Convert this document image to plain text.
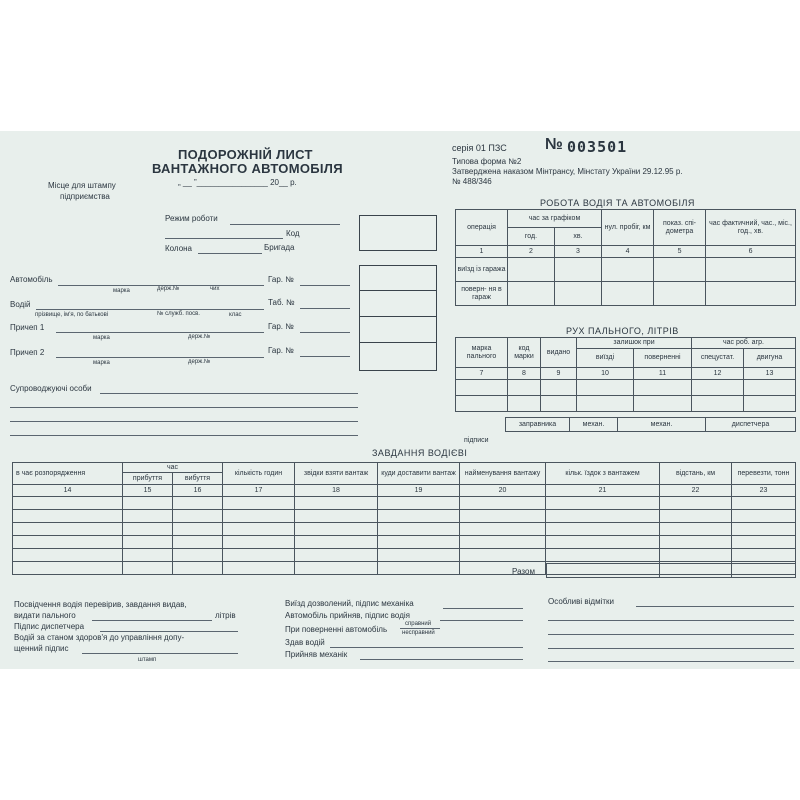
ПОДОРОЖНІЙ ЛИСТ
ВАНТАЖНОГО АВТОМОБІЛЯ
серія 01 ПЗС № 003501
Типова форма №2
Затверджена наказом Мінтрансу, Мінстату України 29.12.95 р.
№ 488/346
Місце для штампу
підприємства
„ __ ”________________ 20__ р.
Режим роботи
Код
Колона	Бригада
Автомобіль	Гар. №
марка	держ.№	чих
Водій	Таб. №
прізвище, ім'я, по батькові	№ служб. посв.	клас
Причеп 1	Гар. №
марка	держ.№
Причеп 2	Гар. №
марка	держ.№
Супроводжуючі особи
РОБОТА ВОДІЯ ТА АВТОМОБІЛЯ
операція	час за графіком		нул. пробіг, км	показ. спі- дометра	час фактичний, час., міс., год., хв.
	год.	хв.			
1	2	3	4	5	6
виїзд із гаража					
поверн- ня в гараж					
РУХ ПАЛЬНОГО, ЛІТРІВ
марка пального	код марки	видано	залишок при		час роб. агр.	
			виїзді	поверненні	спецустат.	двигуна
7	8	9	10	11	12	13

заправника	механ.	механ.	диспетчера
підписи
ЗАВДАННЯ ВОДІЄВІ
в чає розпорядження	час		кількість годин	звідки взяти вантаж	куди доставити вантаж	найменування вантажу	кільк. їздок з вантажем	відстань, км	перевезти, тонн
	прибуття	вибуття							
14	15	16	17	18	19	20	21	22	23

Разом

Посвідчення водія перевірив, завдання видав,
видати пального	літрів
Підпис диспетчера
Водій за станом здоров'я до управління допу-
щенний підпис
штамп
Виїзд дозволений, підпис механіка
Автомобіль прийняв, підпис водія
При поверненні автомобіль
справний
несправний
Здав водій
Прийняв механік
Особливі відмітки
